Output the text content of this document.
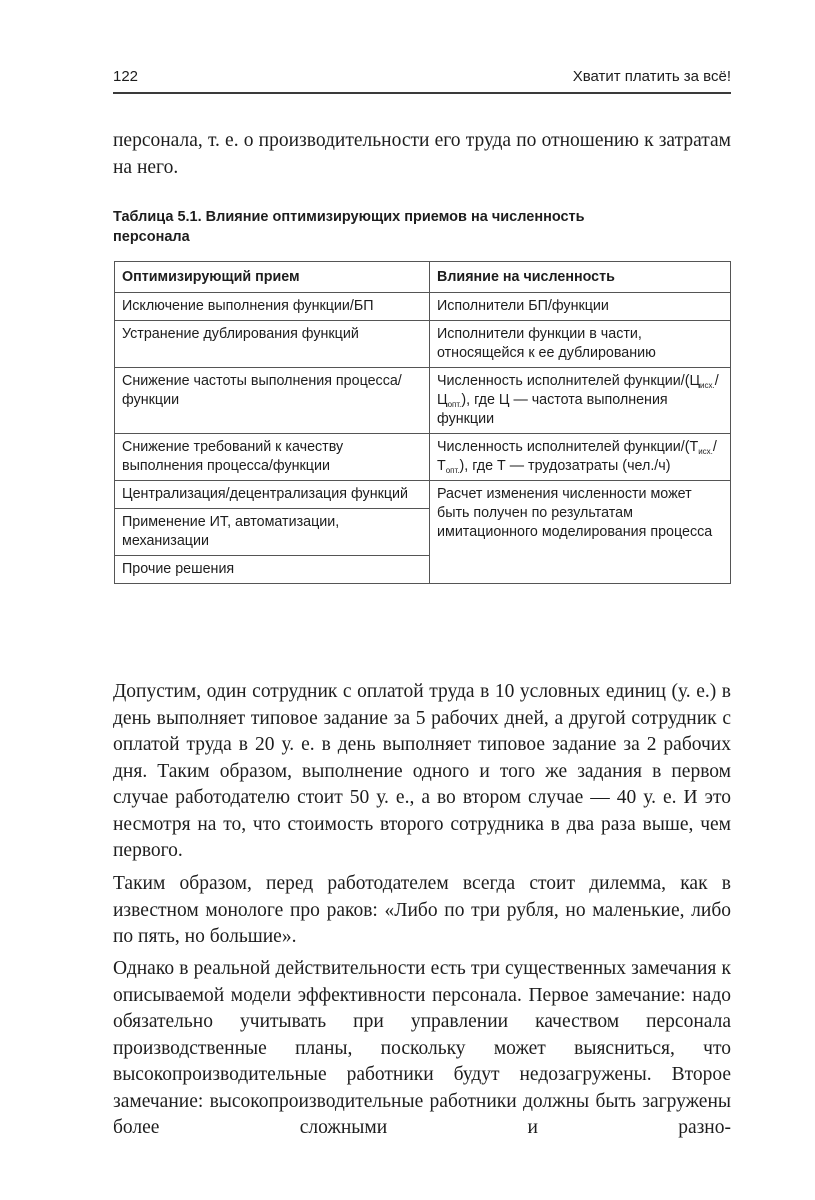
122	Хватит платить за всё!

персонала, т. е. о производительности его труда по отношению к затратам на него.

Таблица 5.1. Влияние оптимизирующих приемов на численность
персонала

Оптимизирующий прием	Влияние на численность
Исключение выполнения функции/БП	Исполнители БП/функции
Устранение дублирования функций	Исполнители функции в части, относящейся к ее дублированию
Снижение частоты выполнения процесса/функции	Численность исполнителей функции/$(Ц_{исх.}/Ц_{опт.})$, где Ц — частота выполнения функции
Снижение требований к качеству выполнения процесса/функции	Численность исполнителей функции/$(Т_{исх.}/Т_{опт.})$, где Т — трудозатраты (чел./ч)
Централизация/децентрализация функций	Расчет изменения численности может быть получен по результатам имитационного моделирования процесса
Применение ИТ, автоматизации, механизации	
Прочие решения	

Допустим, один сотрудник с оплатой труда в 10 условных единиц (у. е.) в день выполняет типовое задание за 5 рабочих дней, а другой сотрудник с оплатой труда в 20 у. е. в день выполняет типовое задание за 2 рабочих дня. Таким образом, выполнение одного и того же задания в первом случае работодателю стоит 50 у. е., а во втором случае — 40 у. е. И это несмотря на то, что стоимость второго сотрудника в два раза выше, чем первого.

Таким образом, перед работодателем всегда стоит дилемма, как в известном монологе про раков: «Либо по три рубля, но маленькие, либо по пять, но большие».

Однако в реальной действительности есть три существенных замечания к описываемой модели эффективности персонала. Первое замечание: надо обязательно учитывать при управлении качеством персонала производственные планы, поскольку может выясниться, что высокопроизводительные работники будут недозагружены. Второе замечание: высокопроизводительные работники должны быть загружены более сложными и разно-
